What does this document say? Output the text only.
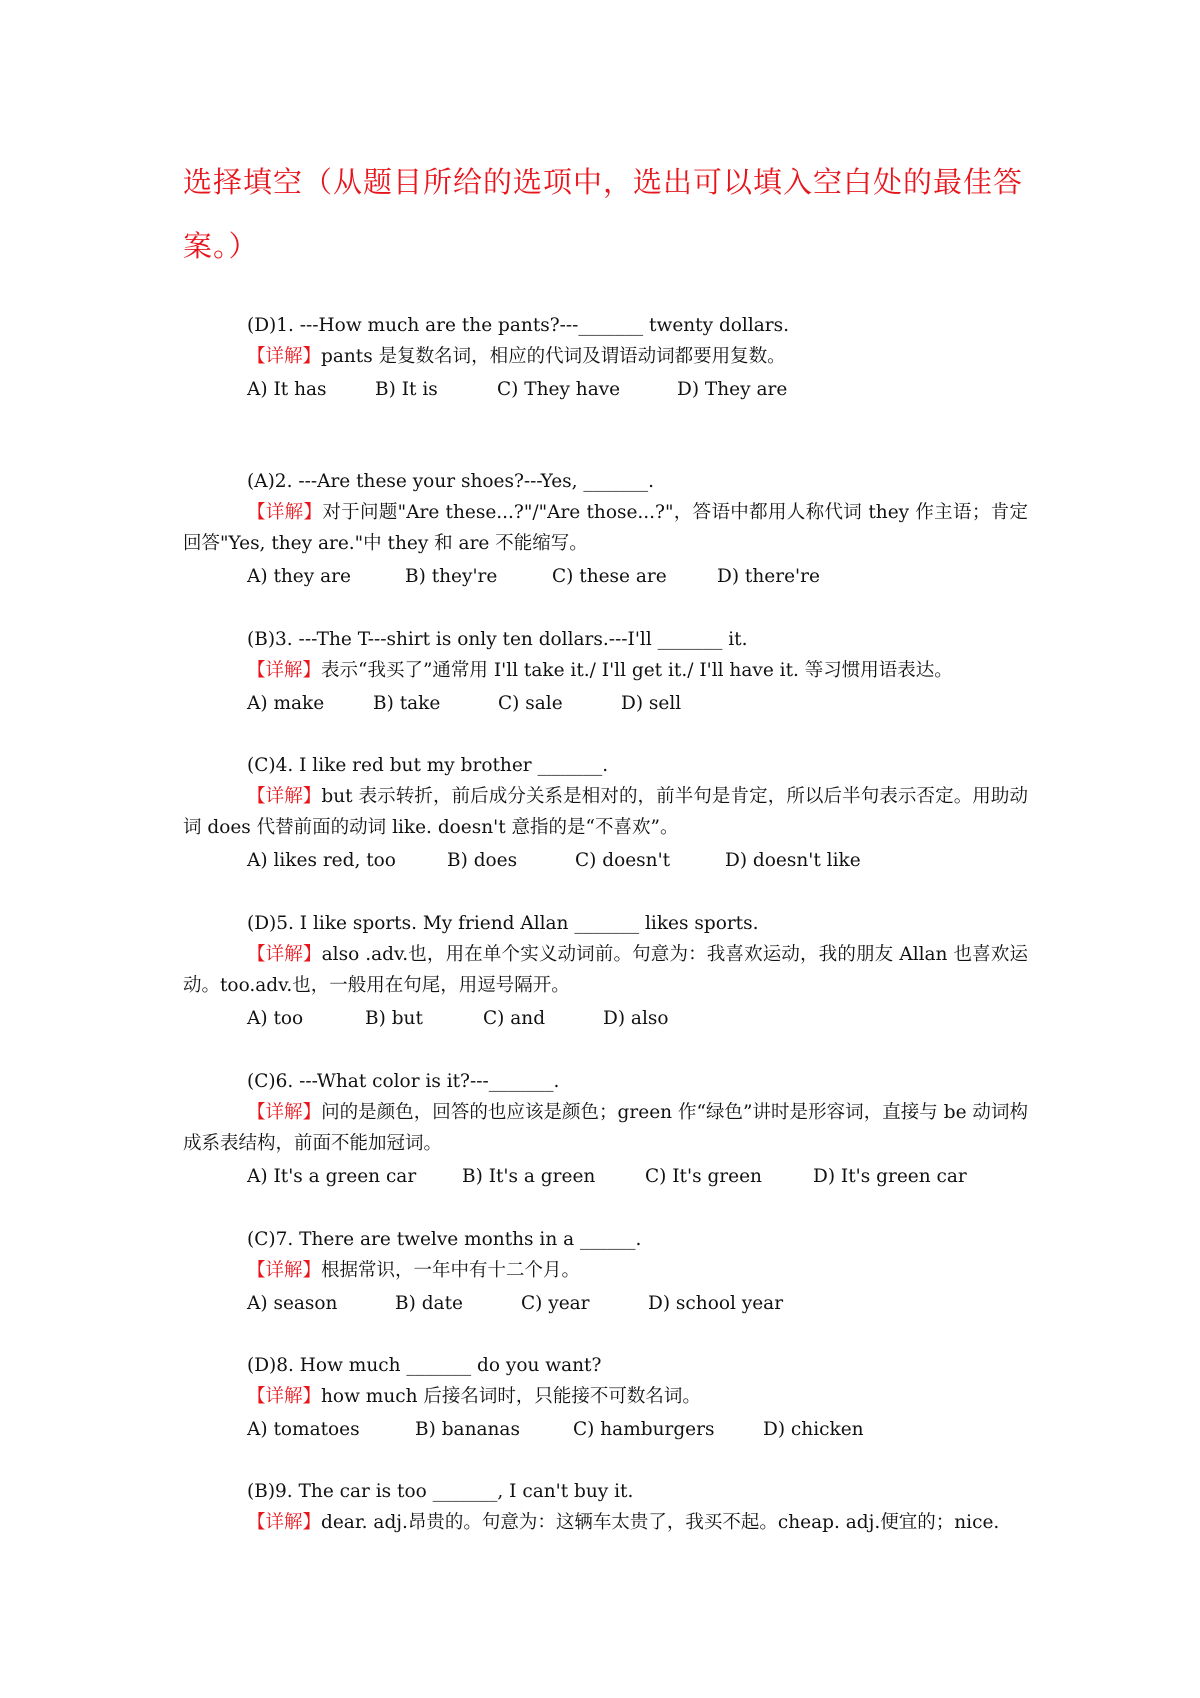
选择填空（从题目所给的选项中，选出可以填入空白处的最佳答
案。）
(D)1. ---How much are the pants?---_______ twenty dollars.
【详解】pants 是复数名词，相应的代词及谓语动词都要用复数。
A) It has	B) It is	C) They have	D) They are
(A)2. ---Are these your shoes?---Yes, _______.
【详解】对于问题"Are these...?"/"Are those...?"，答语中都用人称代词 they 作主语；肯定回答"Yes, they are."中 they 和 are 不能缩写。
A) they are	B) they're	C) these are	D) there're
(B)3. ---The T---shirt is only ten dollars.---I'll _______ it.
【详解】表示“我买了”通常用 I'll take it./ I'll get it./ I'll have it. 等习惯用语表达。
A) make	B) take	C) sale	D) sell
(C)4. I like red but my brother _______.
【详解】but 表示转折，前后成分关系是相对的，前半句是肯定，所以后半句表示否定。用助动词 does 代替前面的动词 like. doesn't 意指的是“不喜欢”。
A) likes red, too	B) does	C) doesn't	D) doesn't like
(D)5. I like sports. My friend Allan _______ likes sports.
【详解】also .adv.也，用在单个实义动词前。句意为：我喜欢运动，我的朋友 Allan 也喜欢运动。too.adv.也，一般用在句尾，用逗号隔开。
A) too	B) but	C) and	D) also
(C)6. ---What color is it?---_______.
【详解】问的是颜色，回答的也应该是颜色；green 作“绿色”讲时是形容词，直接与 be 动词构成系表结构，前面不能加冠词。
A) It's a green car	B) It's a green	C) It's green	D) It's green car
(C)7. There are twelve months in a ______.
【详解】根据常识，一年中有十二个月。
A) season	B) date	C) year	D) school year
(D)8. How much _______ do you want?
【详解】how much 后接名词时，只能接不可数名词。
A) tomatoes	B) bananas	C) hamburgers	D) chicken
(B)9. The car is too _______, I can't buy it.
【详解】dear. adj.昂贵的。句意为：这辆车太贵了，我买不起。cheap. adj.便宜的；nice.
